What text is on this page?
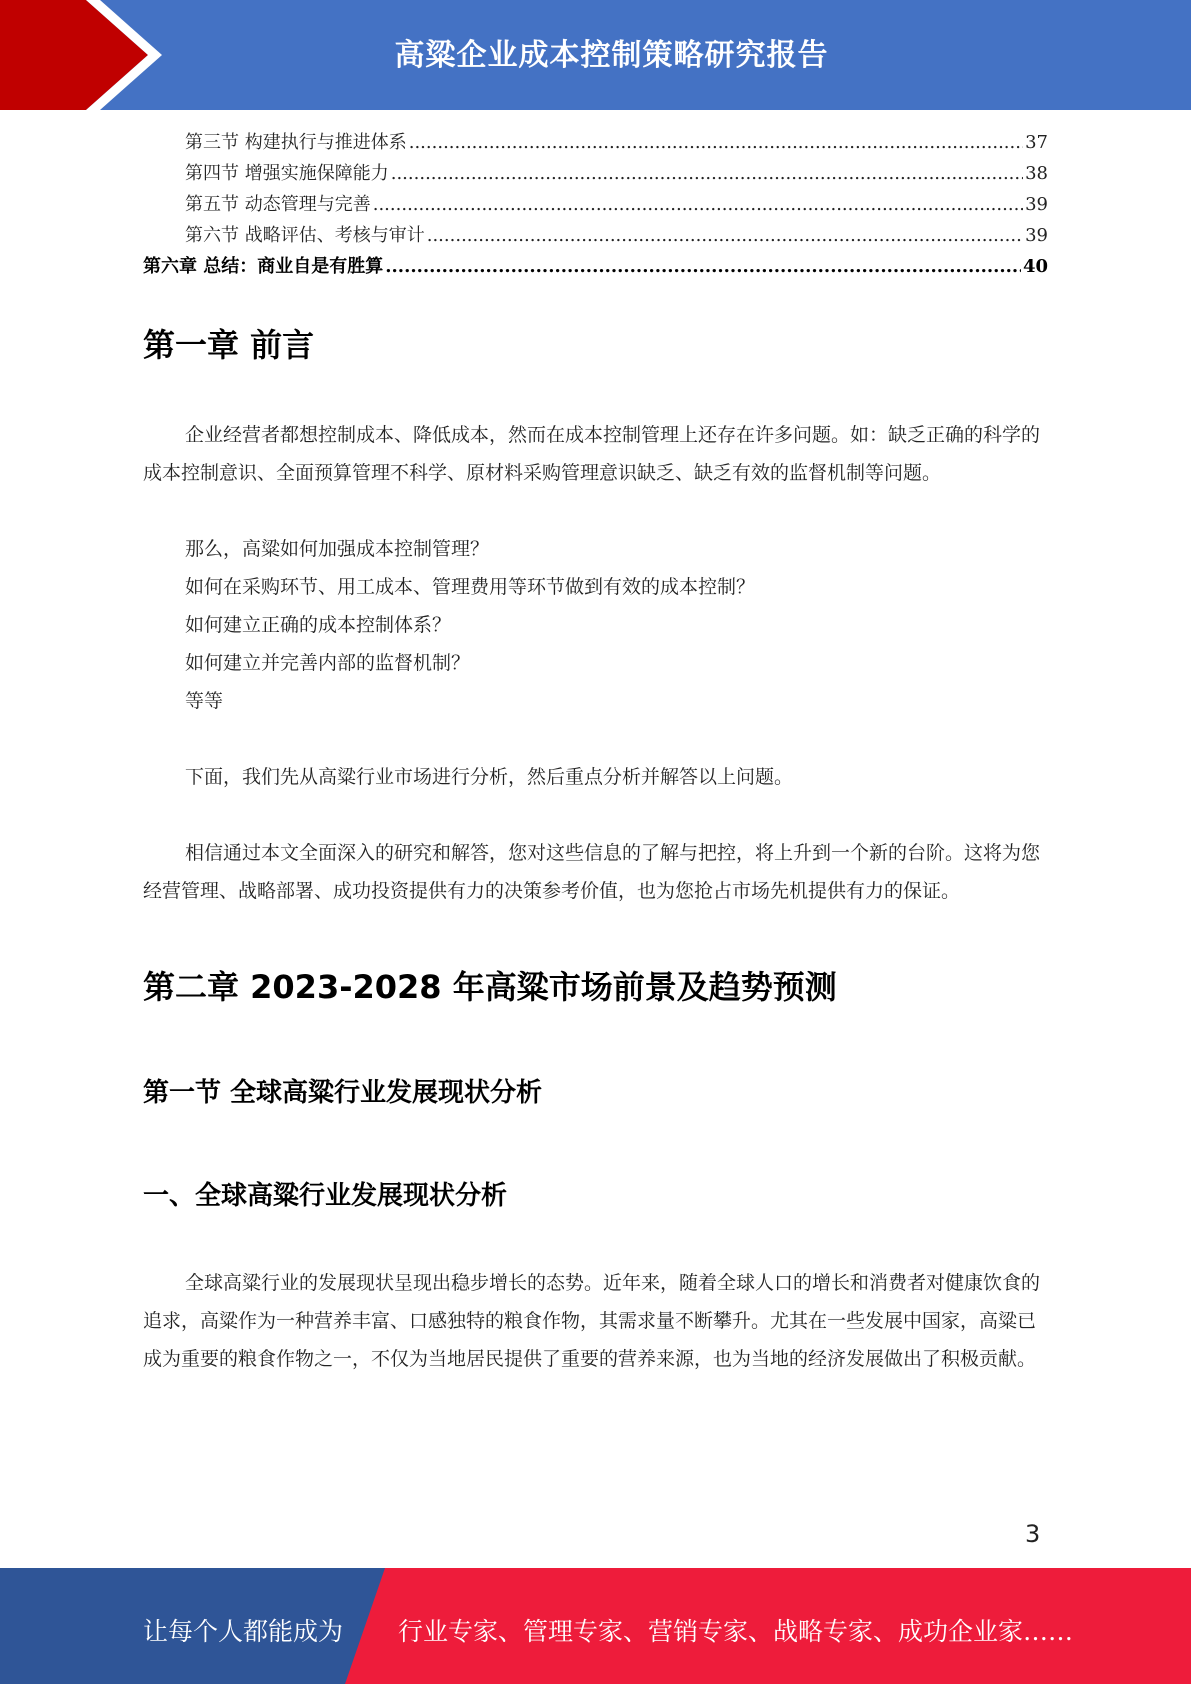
高粱企业成本控制策略研究报告
第三节 构建执行与推进体系 .....	37
第四节 增强实施保障能力 .....	38
第五节 动态管理与完善 .....	39
第六节 战略评估、考核与审计 .....	39
第六章 总结：商业自是有胜算 .....	40
第一章 前言

企业经营者都想控制成本、降低成本，然而在成本控制管理上还存在许多问题。如：缺乏正确的科学的成本控制意识、全面预算管理不科学、原材料采购管理意识缺乏、缺乏有效的监督机制等问题。

那么，高粱如何加强成本控制管理？

如何在采购环节、用工成本、管理费用等环节做到有效的成本控制？

如何建立正确的成本控制体系？

如何建立并完善内部的监督机制？

等等

下面，我们先从高粱行业市场进行分析，然后重点分析并解答以上问题。

相信通过本文全面深入的研究和解答，您对这些信息的了解与把控，将上升到一个新的台阶。这将为您经营管理、战略部署、成功投资提供有力的决策参考价值，也为您抢占市场先机提供有力的保证。

第二章 2023-2028 年高粱市场前景及趋势预测
第一节 全球高粱行业发展现状分析
一、全球高粱行业发展现状分析

全球高粱行业的发展现状呈现出稳步增长的态势。近年来，随着全球人口的增长和消费者对健康饮食的追求，高粱作为一种营养丰富、口感独特的粮食作物，其需求量不断攀升。尤其在一些发展中国家，高粱已成为重要的粮食作物之一，不仅为当地居民提供了重要的营养来源，也为当地的经济发展做出了积极贡献。

3
让每个人都能成为 行业专家、管理专家、营销专家、战略专家、成功企业家……
